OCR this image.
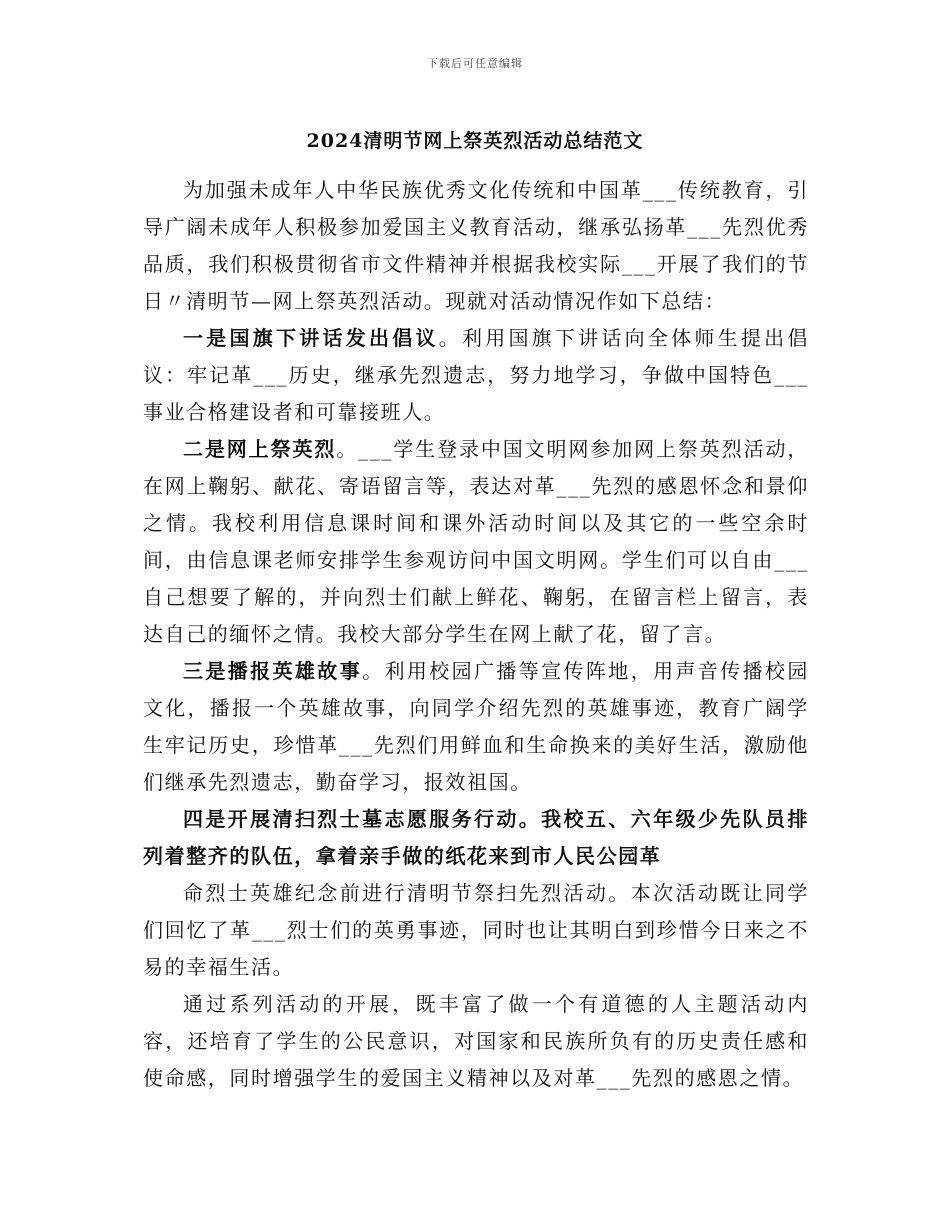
下载后可任意编辑
2024清明节网上祭英烈活动总结范文

为加强未成年人中华民族优秀文化传统和中国革___传统教育，引导广阔未成年人积极参加爱国主义教育活动，继承弘扬革___先烈优秀品质，我们积极贯彻省市文件精神并根据我校实际___开展了我们的节日〃清明节—网上祭英烈活动。现就对活动情况作如下总结：

一是国旗下讲话发出倡议。利用国旗下讲话向全体师生提出倡议：牢记革___历史，继承先烈遗志，努力地学习，争做中国特色___事业合格建设者和可靠接班人。

二是网上祭英烈。___学生登录中国文明网参加网上祭英烈活动，在网上鞠躬、献花、寄语留言等，表达对革___先烈的感恩怀念和景仰之情。我校利用信息课时间和课外活动时间以及其它的一些空余时间，由信息课老师安排学生参观访问中国文明网。学生们可以自由___自己想要了解的，并向烈士们献上鲜花、鞠躬，在留言栏上留言，表达自己的缅怀之情。我校大部分学生在网上献了花，留了言。

三是播报英雄故事。利用校园广播等宣传阵地，用声音传播校园文化，播报一个英雄故事，向同学介绍先烈的英雄事迹，教育广阔学生牢记历史，珍惜革___先烈们用鲜血和生命换来的美好生活，激励他们继承先烈遗志，勤奋学习，报效祖国。

四是开展清扫烈士墓志愿服务行动。我校五、六年级少先队员排列着整齐的队伍，拿着亲手做的纸花来到市人民公园革

命烈士英雄纪念前进行清明节祭扫先烈活动。本次活动既让同学们回忆了革___烈士们的英勇事迹，同时也让其明白到珍惜今日来之不易的幸福生活。

通过系列活动的开展，既丰富了做一个有道德的人主题活动内容，还培育了学生的公民意识，对国家和民族所负有的历史责任感和使命感，同时增强学生的爱国主义精神以及对革___先烈的感恩之情。
